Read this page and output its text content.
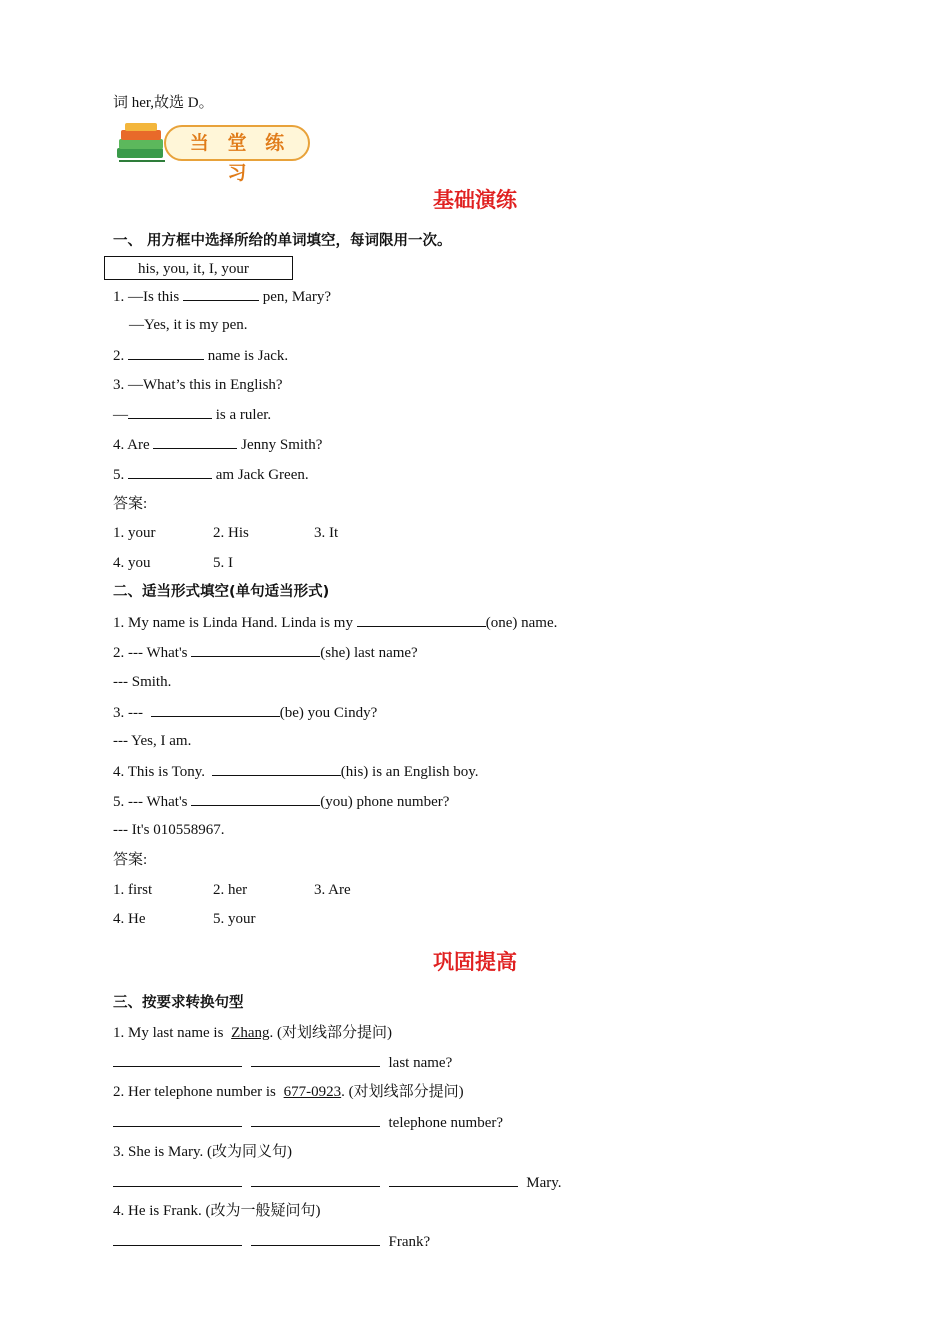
词 her,故选 D。
当 堂 练 习
基础演练
一、 用方框中选择所给的单词填空，每词限用一次。
his, you, it, I, your
1. —Is this	pen, Mary?
—Yes, it is my pen.
2.	name is Jack.
3. —What’s this in English?
—	is a ruler.
4. Are	Jenny Smith?
5.	am Jack Green.
答案:
1. your	2. His	3. It
4. you	5. I
二、适当形式填空(单句适当形式)
1. My name is Linda Hand. Linda is my	(one) name.
2. --- What's	(she) last name?
--- Smith.
3. ---	(be) you Cindy?
--- Yes, I am.
4. This is Tony.	(his) is an English boy.
5. --- What's	(you) phone number?
--- It's 010558967.
答案:
1. first	2. her	3. Are
4. He	5. your
巩固提高
三、按要求转换句型
1. My last name is Zhang. (对划线部分提问)
last name?
2. Her telephone number is 677-0923. (对划线部分提问)
telephone number?
3. She is Mary. (改为同义句)
Mary.
4. He is Frank. (改为一般疑问句)
Frank?
